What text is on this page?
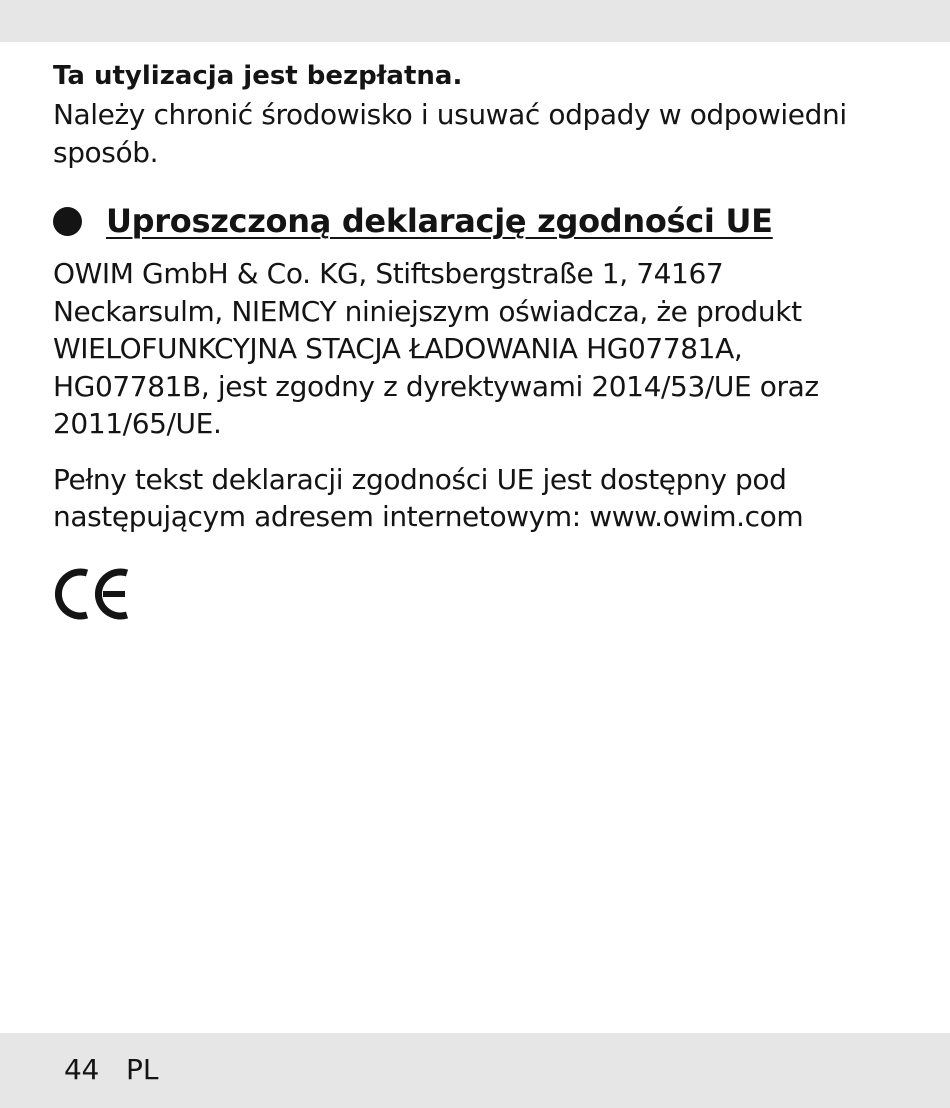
Ta utylizacja jest bezpłatna.

Należy chronić środowisko i usuwać odpady w odpowiedni sposób.

Uproszczoną deklarację zgodności UE

OWIM GmbH & Co. KG, Stiftsbergstraße 1, 74167 Neckarsulm, NIEMCY niniejszym oświadcza, że produkt WIELOFUNKCYJNA STACJA ŁADOWANIA HG07781A, HG07781B, jest zgodny z dyrektywami 2014/53/UE oraz 2011/65/UE.

Pełny tekst deklaracji zgodności UE jest dostępny pod następującym adresem internetowym: www.owim.com

44 PL
